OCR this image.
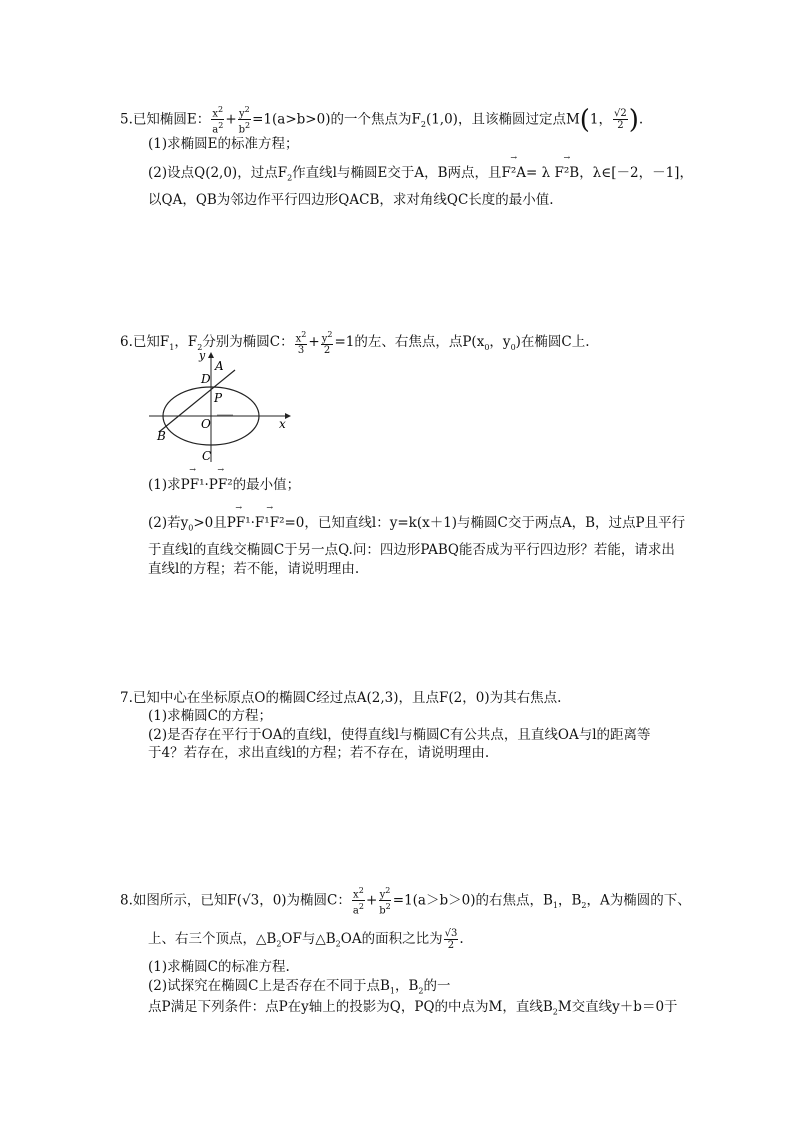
5.已知椭圆E： $\frac{x^2}{a^2} + \frac{y^2}{b^2} =1(a>b>0)$的一个焦点为$F_2(1,0)$，且该椭圆过定点M(1， $\frac{√2}{2}$ ).
(1)求椭圆E的标准方程；
(2)设点Q(2,0)，过点$F_2$作直线l与椭圆E交于A，B两点，且→ F²A= λ → F²B，λ∈[－2，－1]，
以QA，QB为邻边作平行四边形QACB，求对角线QC长度的最小值.
6.已知$F_1$，$F_2$分别为椭圆C： $\frac{x^2}{3} + \frac{y^2}{2} =1$的左、右焦点，点$P(x_0$，$y_0$)在椭圆C上.
y
x
D
A
P
O
B
C
(1)求→ PF¹·→ PF²的最小值；
(2)若$y_0>0$且→ PF¹·→ F¹F²=0，已知直线l：y=k(x＋1)与椭圆C交于两点A，B，过点P且平行
于直线l的直线交椭圆C于另一点Q.问：四边形PABQ能否成为平行四边形？若能，请求出
直线l的方程；若不能，请说明理由.
7.已知中心在坐标原点O的椭圆C经过点A(2,3)，且点F(2，0)为其右焦点.
(1)求椭圆C的方程；
(2)是否存在平行于OA的直线l，使得直线l与椭圆C有公共点，且直线OA与l的距离等
于4？若存在，求出直线l的方程；若不存在，请说明理由.
8.如图所示，已知F(√3，0)为椭圆C： $\frac{x^2}{a^2} + \frac{y^2}{b^2} =1(a>b>0)$的右焦点，$B_1$，$B_2$，A为椭圆的下、
上、右三个顶点，$\triangle B_2OF$与$\triangle B_2OA$的面积之比为 $\frac{√3}{2}$ .
(1)求椭圆C的标准方程.
(2)试探究在椭圆C上是否存在不同于点$B_1$，$B_2$的一
点P满足下列条件：点P在y轴上的投影为Q，PQ的中点为M，直线$B_2M$交直线y＋b＝0于
